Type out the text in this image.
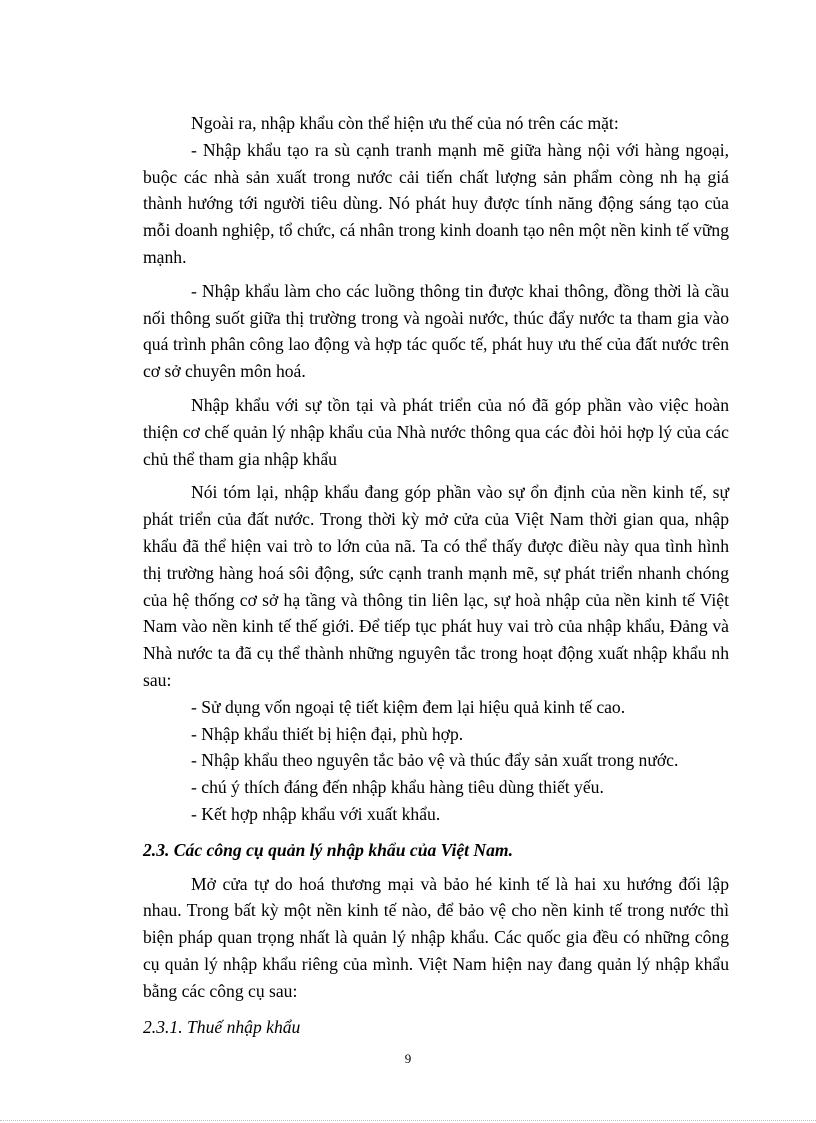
Ngoài ra, nhập khẩu còn thể hiện ưu thế của nó trên các mặt:

- Nhập khẩu tạo ra sù cạnh tranh mạnh mẽ giữa hàng nội với hàng ngoại, buộc các nhà sản xuất trong nước cải tiến chất lượng sản phẩm còng nh hạ giá thành hướng tới người tiêu dùng. Nó phát huy được tính năng động sáng tạo của mỗi doanh nghiệp, tổ chức, cá nhân trong kinh doanh tạo nên một nền kinh tế vững mạnh.

- Nhập khẩu làm cho các luồng thông tin được khai thông, đồng thời là cầu nối thông suốt giữa thị trường trong và ngoài nước, thúc đẩy nước ta tham gia vào quá trình phân công lao động và hợp tác quốc tế, phát huy ưu thế của đất nước trên cơ sở chuyên môn hoá.

Nhập khẩu với sự tồn tại và phát triển của nó đã góp phần vào việc hoàn thiện cơ chế quản lý nhập khẩu của Nhà nước thông qua các đòi hỏi hợp lý của các chủ thể tham gia nhập khẩu

Nói tóm lại, nhập khẩu đang góp phần vào sự ổn định của nền kinh tế, sự phát triển của đất nước. Trong thời kỳ mở cửa của Việt Nam thời gian qua, nhập khẩu đã thể hiện vai trò to lớn của nã. Ta có thể thấy được điều này qua tình hình thị trường hàng hoá sôi động, sức cạnh tranh mạnh mẽ, sự phát triển nhanh chóng của hệ thống cơ sở hạ tầng và thông tin liên lạc, sự hoà nhập của nền kinh tế Việt Nam vào nền kinh tế thế giới. Để tiếp tục phát huy vai trò của nhập khẩu, Đảng và Nhà nước ta đã cụ thể thành những nguyên tắc trong hoạt động xuất nhập khẩu nh sau:

- Sử dụng vốn ngoại tệ tiết kiệm đem lại hiệu quả kinh tế cao.

- Nhập khẩu thiết bị hiện đại, phù hợp.

- Nhập khẩu theo nguyên tắc bảo vệ và thúc đẩy sản xuất trong nước.

- chú ý thích đáng đến nhập khẩu hàng tiêu dùng thiết yếu.

- Kết hợp nhập khẩu với xuất khẩu.

2.3. Các công cụ quản lý nhập khẩu của Việt Nam.

Mở cửa tự do hoá thương mại và bảo hé kinh tế là hai xu hướng đối lập nhau. Trong bất kỳ một nền kinh tế nào, để bảo vệ cho nền kinh tế trong nước thì biện pháp quan trọng nhất là quản lý nhập khẩu. Các quốc gia đều có những công cụ quản lý nhập khẩu riêng của mình. Việt Nam hiện nay đang quản lý nhập khẩu bằng các công cụ sau:

2.3.1. Thuế nhập khẩu

9
